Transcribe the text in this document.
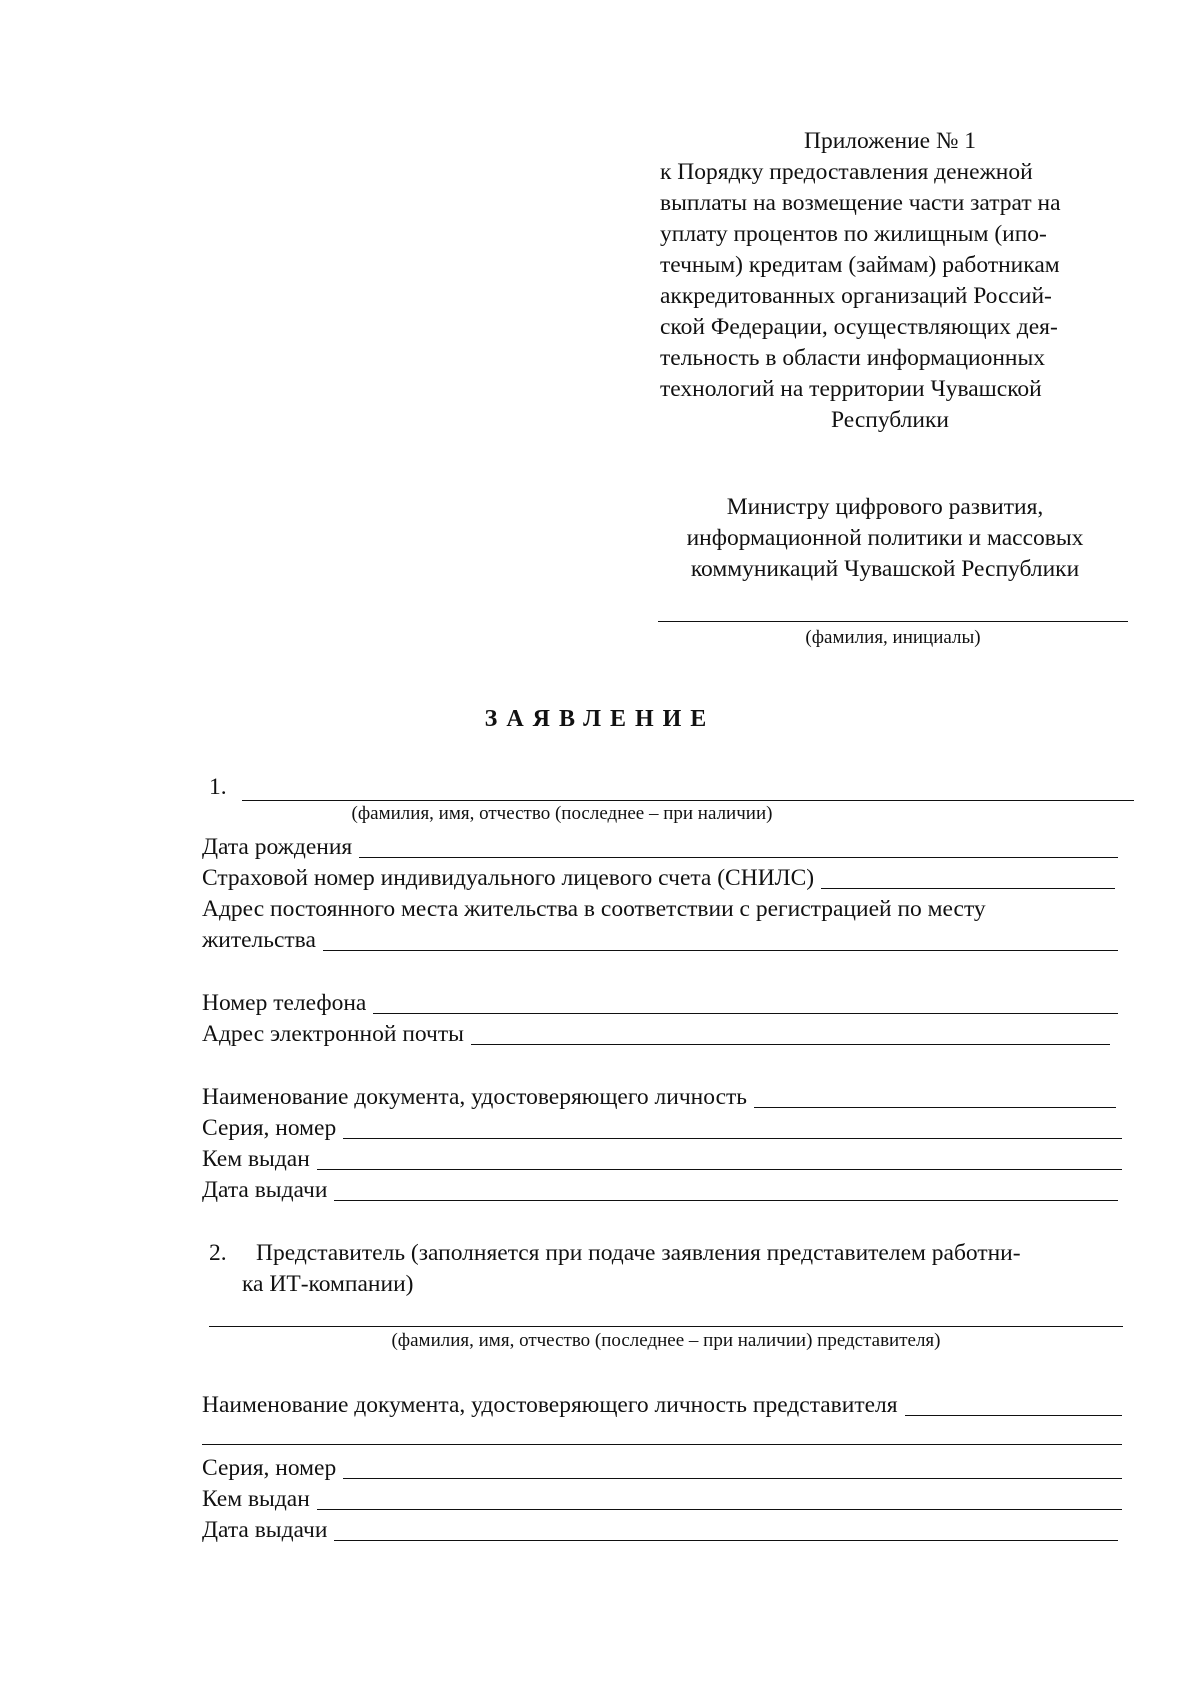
Приложение № 1
к Порядку предоставления денежной
выплаты на возмещение части затрат на
уплату процентов по жилищным (ипо-
течным) кредитам (займам) работникам
аккредитованных организаций Россий-
ской Федерации, осуществляющих дея-
тельность в области информационных
технологий на территории Чувашской
Республики
Министру цифрового развития,
информационной политики и массовых
коммуникаций Чувашской Республики
(фамилия, инициалы)
ЗАЯВЛЕНИЕ
1.
(фамилия, имя, отчество (последнее – при наличии)
Дата рождения
Страховой номер индивидуального лицевого счета (СНИЛС)
Адрес постоянного места жительства в соответствии с регистрацией по месту
жительства
Номер телефона
Адрес электронной почты
Наименование документа, удостоверяющего личность
Серия, номер
Кем выдан
Дата выдачи
2. Представитель (заполняется при подаче заявления представителем работни-
ка ИТ-компании)
(фамилия, имя, отчество (последнее – при наличии) представителя)
Наименование документа, удостоверяющего личность представителя
Серия, номер
Кем выдан
Дата выдачи
